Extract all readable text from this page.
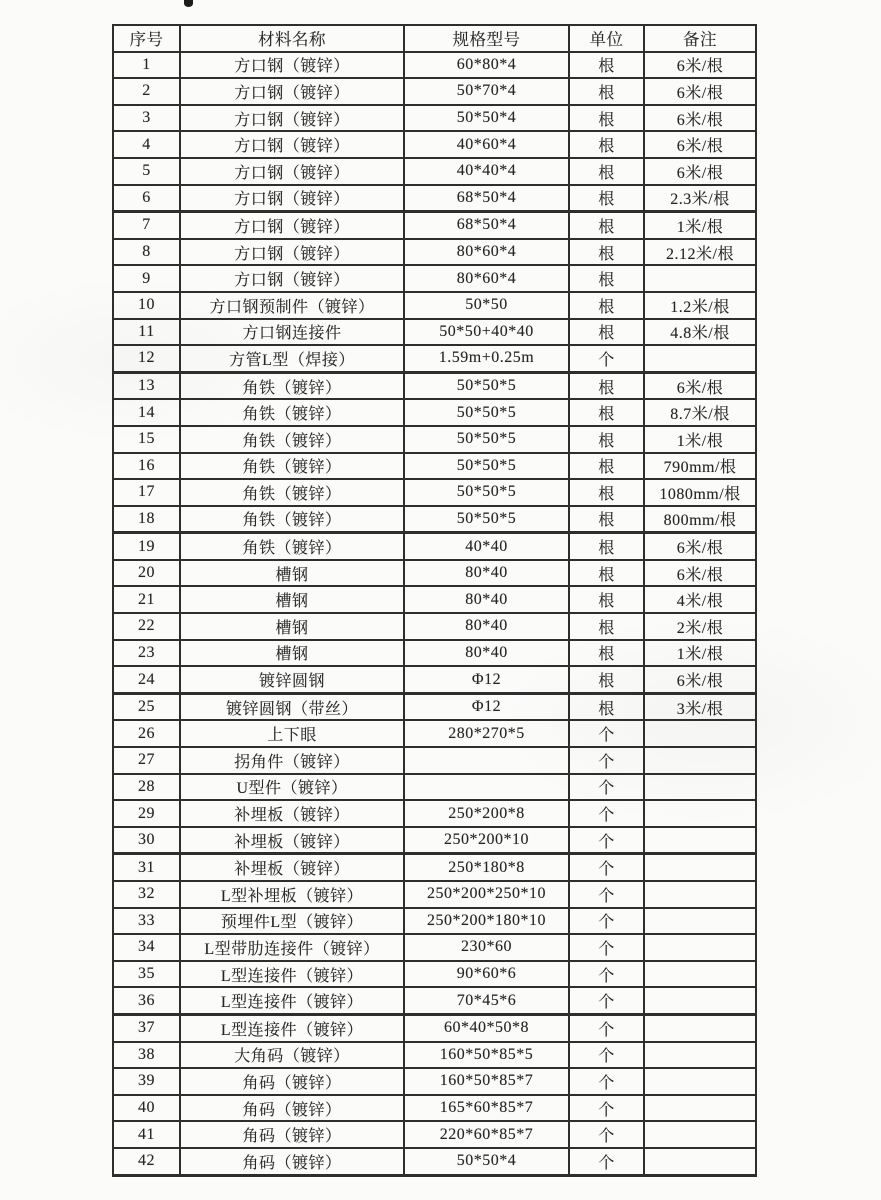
序号	材料名称	规格型号	单位	备注
1	方口钢（镀锌）	60*80*4	根	6米/根
2	方口钢（镀锌）	50*70*4	根	6米/根
3	方口钢（镀锌）	50*50*4	根	6米/根
4	方口钢（镀锌）	40*60*4	根	6米/根
5	方口钢（镀锌）	40*40*4	根	6米/根
6	方口钢（镀锌）	68*50*4	根	2.3米/根
7	方口钢（镀锌）	68*50*4	根	1米/根
8	方口钢（镀锌）	80*60*4	根	2.12米/根
9	方口钢（镀锌）	80*60*4	根	
10	方口钢预制件（镀锌）	50*50	根	1.2米/根
11	方口钢连接件	50*50+40*40	根	4.8米/根
12	方管L型（焊接）	1.59m+0.25m	个	
13	角铁（镀锌）	50*50*5	根	6米/根
14	角铁（镀锌）	50*50*5	根	8.7米/根
15	角铁（镀锌）	50*50*5	根	1米/根
16	角铁（镀锌）	50*50*5	根	790mm/根
17	角铁（镀锌）	50*50*5	根	1080mm/根
18	角铁（镀锌）	50*50*5	根	800mm/根
19	角铁（镀锌）	40*40	根	6米/根
20	槽钢	80*40	根	6米/根
21	槽钢	80*40	根	4米/根
22	槽钢	80*40	根	2米/根
23	槽钢	80*40	根	1米/根
24	镀锌圆钢	Φ12	根	6米/根
25	镀锌圆钢（带丝）	Φ12	根	3米/根
26	上下眼	280*270*5	个	
27	拐角件（镀锌）		个	
28	U型件（镀锌）		个	
29	补埋板（镀锌）	250*200*8	个	
30	补埋板（镀锌）	250*200*10	个	
31	补埋板（镀锌）	250*180*8	个	
32	L型补埋板（镀锌）	250*200*250*10	个	
33	预埋件L型（镀锌）	250*200*180*10	个	
34	L型带肋连接件（镀锌）	230*60	个	
35	L型连接件（镀锌）	90*60*6	个	
36	L型连接件（镀锌）	70*45*6	个	
37	L型连接件（镀锌）	60*40*50*8	个	
38	大角码（镀锌）	160*50*85*5	个	
39	角码（镀锌）	160*50*85*7	个	
40	角码（镀锌）	165*60*85*7	个	
41	角码（镀锌）	220*60*85*7	个	
42	角码（镀锌）	50*50*4	个	
